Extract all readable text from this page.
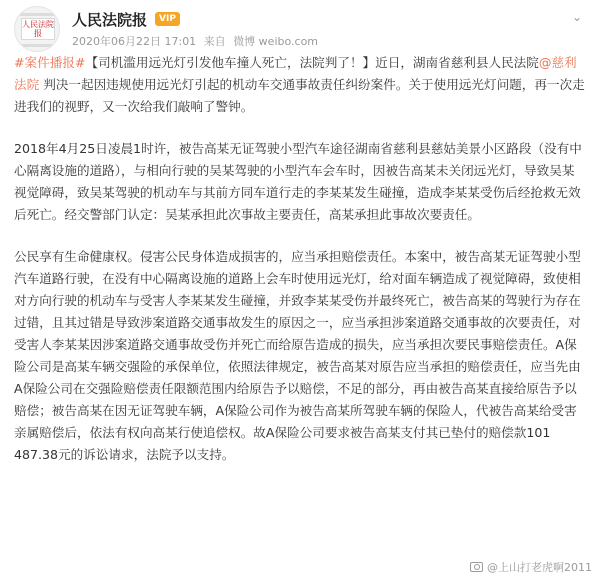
人民法院报
人民法院报	VIP	⌄
2020年06月22日 17:01 来自 微博 weibo.com

#案件播报#【司机滥用远光灯引发他车撞人死亡，法院判了！】近日，湖南省慈利县人民法院@慈利法院 判决一起因违规使用远光灯引起的机动车交通事故责任纠纷案件。关于使用远光灯问题，再一次走进我们的视野，又一次给我们敲响了警钟。

2018年4月25日凌晨1时许，被告高某无证驾驶小型汽车途径湖南省慈利县慈姑美景小区路段（没有中心隔离设施的道路），与相向行驶的吴某驾驶的小型汽车会车时，因被告高某未关闭远光灯，导致吴某视觉障碍，致吴某驾驶的机动车与其前方同车道行走的李某某发生碰撞，造成李某某受伤后经抢救无效后死亡。经交警部门认定：吴某承担此次事故主要责任，高某承担此事故次要责任。

公民享有生命健康权。侵害公民身体造成损害的，应当承担赔偿责任。本案中，被告高某无证驾驶小型汽车道路行驶，在没有中心隔离设施的道路上会车时使用远光灯，给对面车辆造成了视觉障碍，致使相对方向行驶的机动车与受害人李某某发生碰撞，并致李某某受伤并最终死亡，被告高某的驾驶行为存在过错，且其过错是导致涉案道路交通事故发生的原因之一，应当承担涉案道路交通事故的次要责任，对受害人李某某因涉案道路交通事故受伤并死亡而给原告造成的损失，应当承担次要民事赔偿责任。A保险公司是高某车辆交强险的承保单位，依照法律规定，被告高某对原告应当承担的赔偿责任，应当先由A保险公司在交强险赔偿责任限额范围内给原告予以赔偿，不足的部分，再由被告高某直接给原告予以赔偿；被告高某在因无证驾驶车辆，A保险公司作为被告高某所驾驶车辆的保险人，代被告高某给受害亲属赔偿后，依法有权向高某行使追偿权。故A保险公司要求被告高某支付其已垫付的赔偿款101 487.38元的诉讼请求，法院予以支持。

@上山打老虎啊2011
